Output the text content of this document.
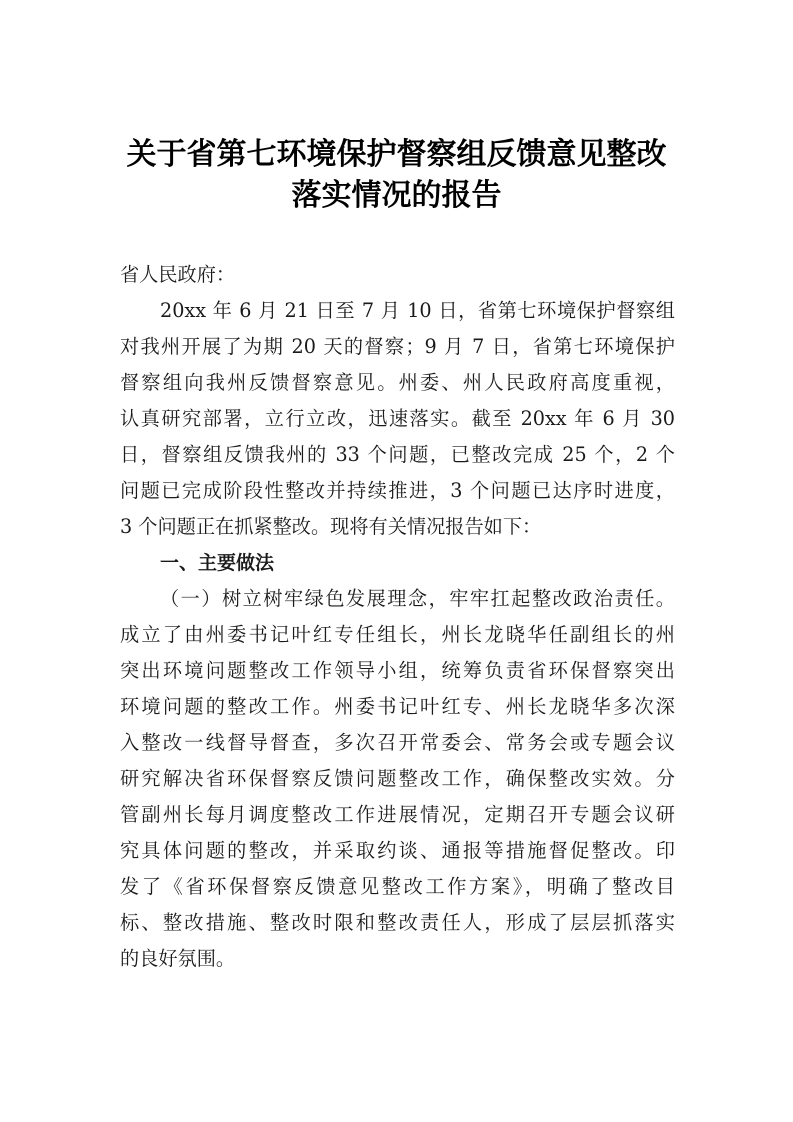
关于省第七环境保护督察组反馈意见整改
落实情况的报告
省人民政府：
20xx 年 6 月 21 日至 7 月 10 日，省第七环境保护督察组
对我州开展了为期 20 天的督察；9 月 7 日，省第七环境保护
督察组向我州反馈督察意见。州委、州人民政府高度重视，
认真研究部署，立行立改，迅速落实。截至 20xx 年 6 月 30
日，督察组反馈我州的 33 个问题，已整改完成 25 个，2 个
问题已完成阶段性整改并持续推进，3 个问题已达序时进度，
3 个问题正在抓紧整改。现将有关情况报告如下：
一、主要做法
（一）树立树牢绿色发展理念，牢牢扛起整改政治责任。
成立了由州委书记叶红专任组长，州长龙晓华任副组长的州
突出环境问题整改工作领导小组，统筹负责省环保督察突出
环境问题的整改工作。州委书记叶红专、州长龙晓华多次深
入整改一线督导督查，多次召开常委会、常务会或专题会议
研究解决省环保督察反馈问题整改工作，确保整改实效。分
管副州长每月调度整改工作进展情况，定期召开专题会议研
究具体问题的整改，并采取约谈、通报等措施督促整改。印
发了《省环保督察反馈意见整改工作方案》，明确了整改目
标、整改措施、整改时限和整改责任人，形成了层层抓落实
的良好氛围。
